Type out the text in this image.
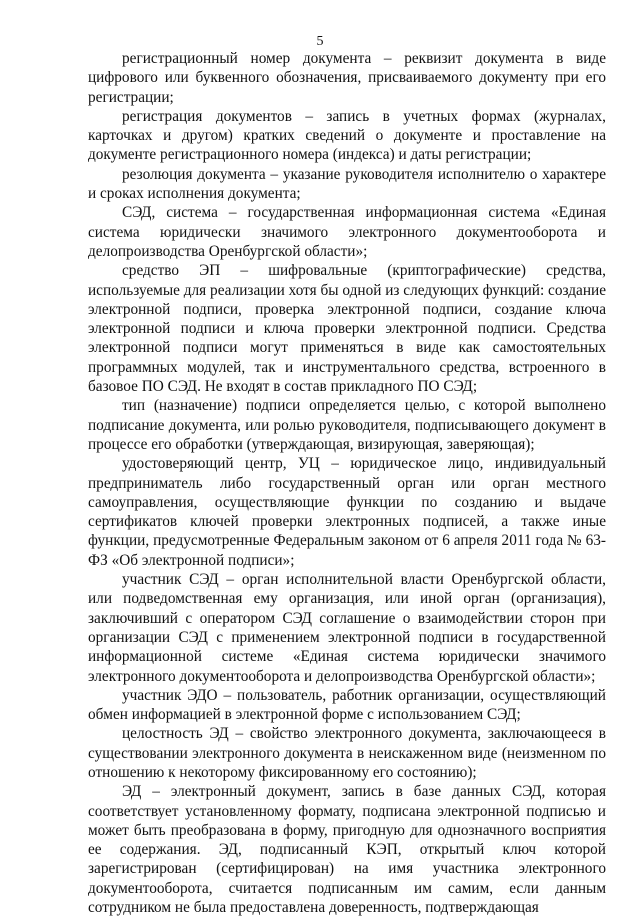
5

регистрационный номер документа – реквизит документа в виде цифрового или буквенного обозначения, присваиваемого документу при его регистрации;

регистрация документов – запись в учетных формах (журналах, карточках и другом) кратких сведений о документе и проставление на документе регистрационного номера (индекса) и даты регистрации;

резолюция документа – указание руководителя исполнителю о характере и сроках исполнения документа;

СЭД, система – государственная информационная система «Единая система юридически значимого электронного документооборота и делопроизводства Оренбургской области»;

средство ЭП – шифровальные (криптографические) средства, используемые для реализации хотя бы одной из следующих функций: создание электронной подписи, проверка электронной подписи, создание ключа электронной подписи и ключа проверки электронной подписи. Средства электронной подписи могут применяться в виде как самостоятельных программных модулей, так и инструментального средства, встроенного в базовое ПО СЭД. Не входят в состав прикладного ПО СЭД;

тип (назначение) подписи определяется целью, с которой выполнено подписание документа, или ролью руководителя, подписывающего документ в процессе его обработки (утверждающая, визирующая, заверяющая);

удостоверяющий центр, УЦ – юридическое лицо, индивидуальный предприниматель либо государственный орган или орган местного самоуправления, осуществляющие функции по созданию и выдаче сертификатов ключей проверки электронных подписей, а также иные функции, предусмотренные Федеральным законом от 6 апреля 2011 года № 63-ФЗ «Об электронной подписи»;

участник СЭД – орган исполнительной власти Оренбургской области, или подведомственная ему организация, или иной орган (организация), заключивший с оператором СЭД соглашение о взаимодействии сторон при организации СЭД с применением электронной подписи в государственной информационной системе «Единая система юридически значимого электронного документооборота и делопроизводства Оренбургской области»;

участник ЭДО – пользователь, работник организации, осуществляющий обмен информацией в электронной форме с использованием СЭД;

целостность ЭД – свойство электронного документа, заключающееся в существовании электронного документа в неискаженном виде (неизменном по отношению к некоторому фиксированному его состоянию);

ЭД – электронный документ, запись в базе данных СЭД, которая соответствует установленному формату, подписана электронной подписью и может быть преобразована в форму, пригодную для однозначного восприятия ее содержания. ЭД, подписанный КЭП, открытый ключ которой зарегистрирован (сертифицирован) на имя участника электронного документооборота, считается подписанным им самим, если данным сотрудником не была предоставлена доверенность, подтверждающая
